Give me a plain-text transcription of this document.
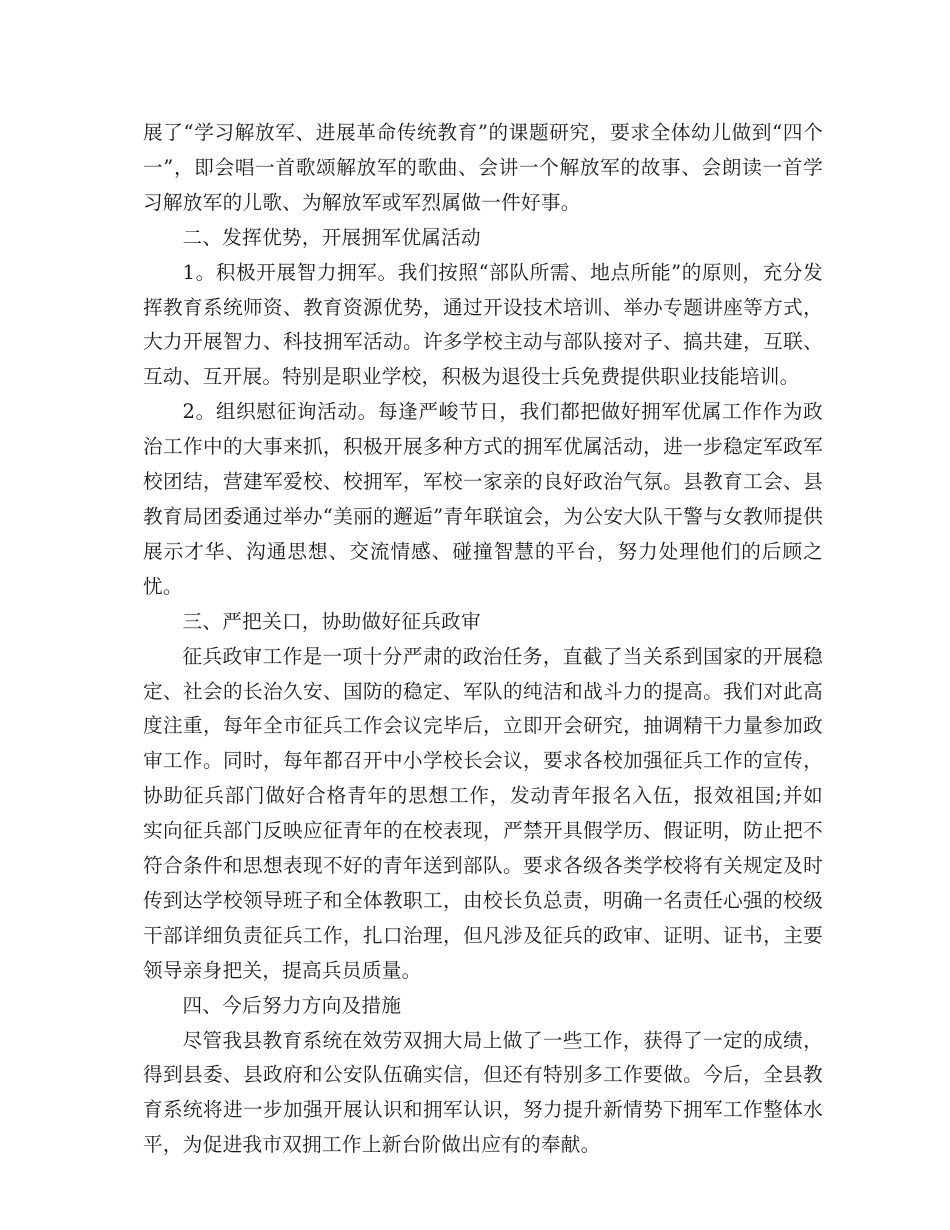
展了“学习解放军、进展革命传统教育”的课题研究，要求全体幼儿做到“四个一”，即会唱一首歌颂解放军的歌曲、会讲一个解放军的故事、会朗读一首学习解放军的儿歌、为解放军或军烈属做一件好事。

二、发挥优势，开展拥军优属活动

1。积极开展智力拥军。我们按照“部队所需、地点所能”的原则，充分发挥教育系统师资、教育资源优势，通过开设技术培训、举办专题讲座等方式，大力开展智力、科技拥军活动。许多学校主动与部队接对子、搞共建，互联、互动、互开展。特别是职业学校，积极为退役士兵免费提供职业技能培训。

2。组织慰征询活动。每逢严峻节日，我们都把做好拥军优属工作作为政治工作中的大事来抓，积极开展多种方式的拥军优属活动，进一步稳定军政军校团结，营建军爱校、校拥军，军校一家亲的良好政治气氛。县教育工会、县教育局团委通过举办“美丽的邂逅”青年联谊会，为公安大队干警与女教师提供展示才华、沟通思想、交流情感、碰撞智慧的平台，努力处理他们的后顾之忧。

三、严把关口，协助做好征兵政审

征兵政审工作是一项十分严肃的政治任务，直截了当关系到国家的开展稳定、社会的长治久安、国防的稳定、军队的纯洁和战斗力的提高。我们对此高度注重，每年全市征兵工作会议完毕后，立即开会研究，抽调精干力量参加政审工作。同时，每年都召开中小学校长会议，要求各校加强征兵工作的宣传，协助征兵部门做好合格青年的思想工作，发动青年报名入伍，报效祖国;并如实向征兵部门反映应征青年的在校表现，严禁开具假学历、假证明，防止把不符合条件和思想表现不好的青年送到部队。要求各级各类学校将有关规定及时传到达学校领导班子和全体教职工，由校长负总责，明确一名责任心强的校级干部详细负责征兵工作，扎口治理，但凡涉及征兵的政审、证明、证书，主要领导亲身把关，提高兵员质量。

四、今后努力方向及措施

尽管我县教育系统在效劳双拥大局上做了一些工作，获得了一定的成绩，得到县委、县政府和公安队伍确实信，但还有特别多工作要做。今后，全县教育系统将进一步加强开展认识和拥军认识，努力提升新情势下拥军工作整体水平，为促进我市双拥工作上新台阶做出应有的奉献。
